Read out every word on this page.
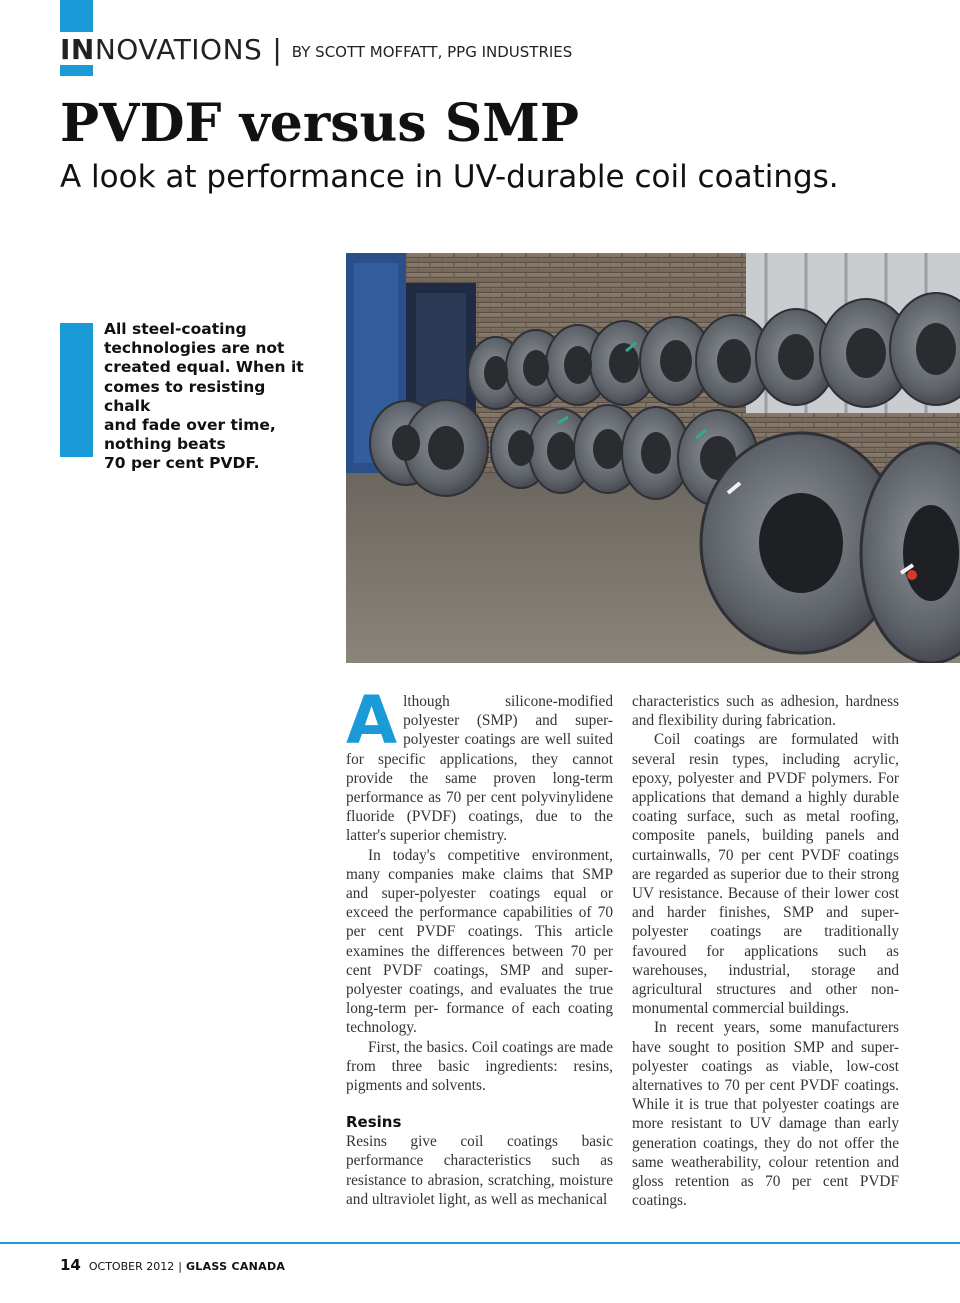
INNOVATIONS | BY SCOTT MOFFATT, PPG INDUSTRIES
PVDF versus SMP
A look at performance in UV-durable coil coatings.
All steel-coating
technologies are not
created equal. When it
comes to resisting chalk
and fade over time,
nothing beats
70 per cent PVDF.

Although silicone-modified polyester (SMP) and super-polyester coatings are well suited for specific applications, they cannot provide the same proven long-term performance as 70 per cent polyvinylidene fluoride (PVDF) coatings, due to the latter's superior chemistry.

In today's competitive environment, many companies make claims that SMP and super-polyester coatings equal or exceed the performance capabilities of 70 per cent PVDF coatings. This article examines the differences between 70 per cent PVDF coatings, SMP and super-polyester coatings, and evaluates the true long-term per- formance of each coating technology.

First, the basics. Coil coatings are made from three basic ingredients: resins, pigments and solvents.

Resins

Resins give coil coatings basic performance characteristics such as resistance to abrasion, scratching, moisture and ultraviolet light, as well as mechanical

characteristics such as adhesion, hardness and flexibility during fabrication.

Coil coatings are formulated with several resin types, including acrylic, epoxy, polyester and PVDF polymers. For applications that demand a highly durable coating surface, such as metal roofing, composite panels, building panels and curtainwalls, 70 per cent PVDF coatings are regarded as superior due to their strong UV resistance. Because of their lower cost and harder finishes, SMP and super-polyester coatings are traditionally favoured for applications such as warehouses, industrial, storage and agricultural structures and other non-monumental commercial buildings.

In recent years, some manufacturers have sought to position SMP and super-polyester coatings as viable, low-cost alternatives to 70 per cent PVDF coatings. While it is true that polyester coatings are more resistant to UV damage than early generation coatings, they do not offer the same weatherability, colour retention and gloss retention as 70 per cent PVDF coatings.

14 OCTOBER 2012 | GLASS CANADA
